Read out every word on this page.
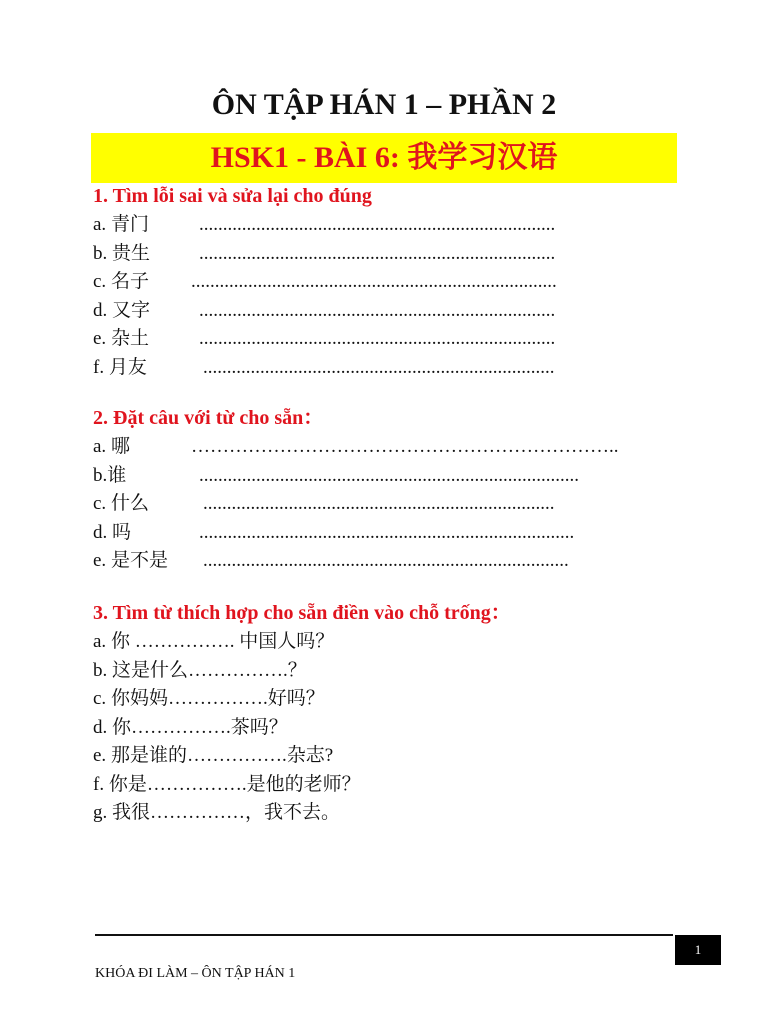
ÔN TẬP HÁN 1 – PHẦN 2
HSK1 - BÀI 6: 我学习汉语
1. Tìm lỗi sai và sửa lại cho đúng
a. 青门	...........................................................................
b. 贵生	...........................................................................
c. 名子 .............................................................................
d. 又字	...........................................................................
e. 杂土	...........................................................................
f. 月友	..........................................................................
2. Đặt câu với từ cho sẵn：
a. 哪	…………………………………………………………..
b.谁	................................................................................
c. 什么	..........................................................................
d. 吗	...............................................................................
e. 是不是 .............................................................................
3. Tìm từ thích hợp cho sẵn điền vào chỗ trống：
a. 你 ……………. 中国人吗？
b. 这是什么…………….？
c. 你妈妈…………….好吗？
d. 你…………….茶吗？
e. 那是谁的…………….杂志?
f. 你是…………….是他的老师？
g. 我很……………，我不去。
1
KHÓA ĐI LÀM – ÔN TẬP HÁN 1
